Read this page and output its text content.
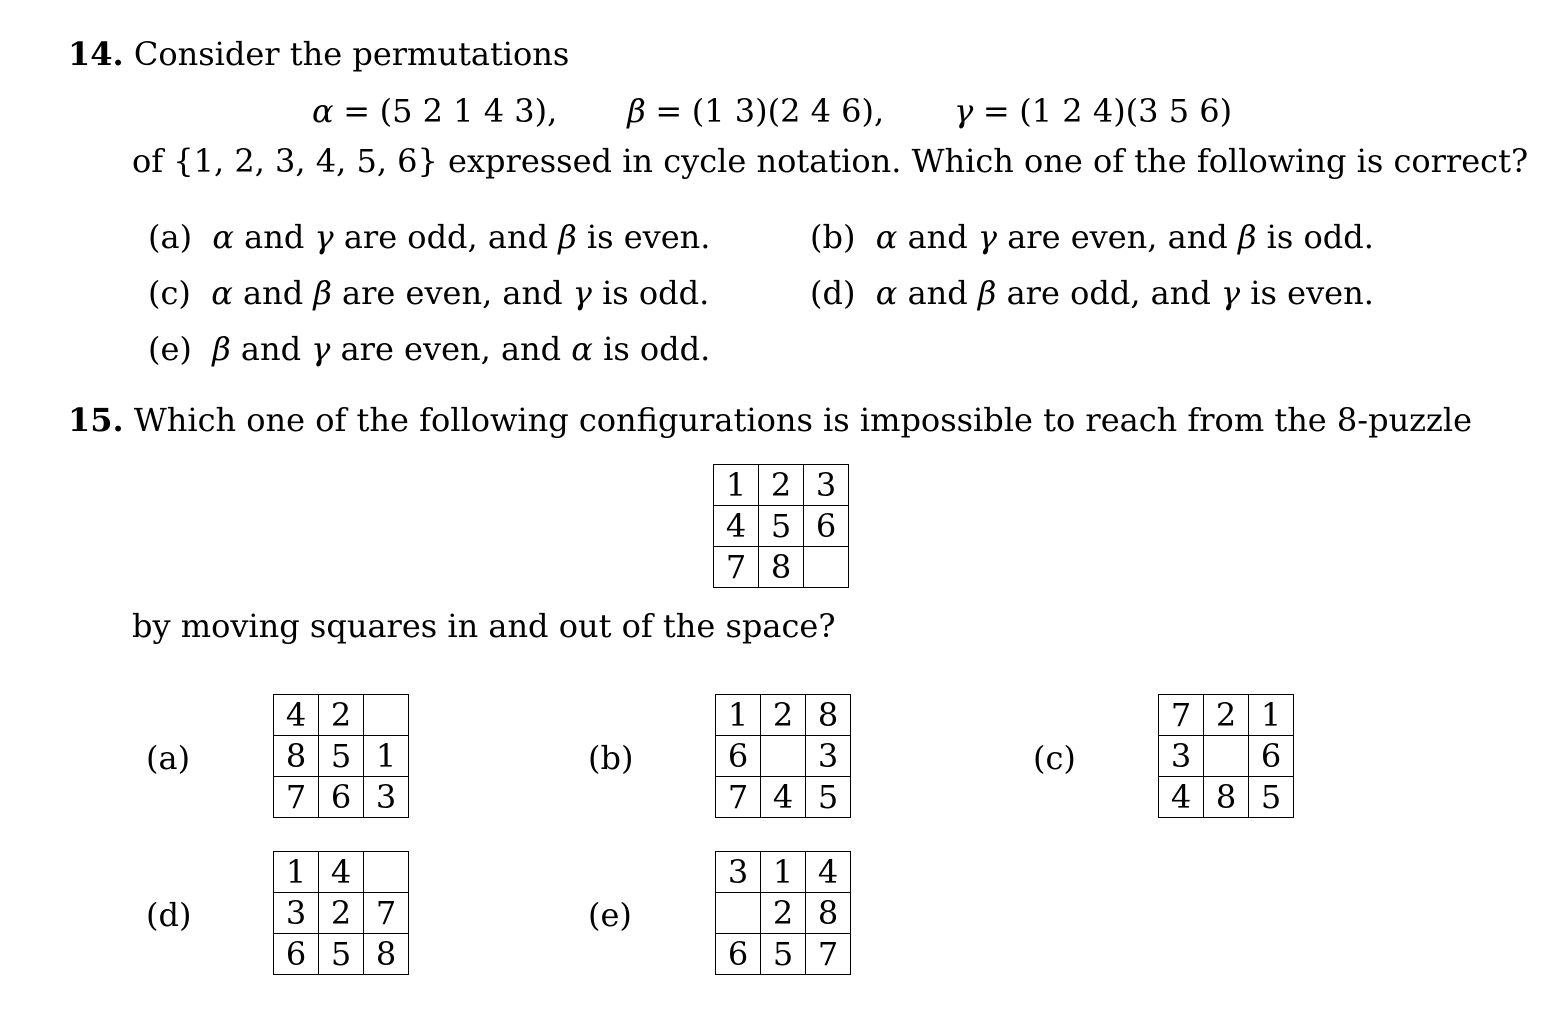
14. Consider the permutations
α = (5 2 1 4 3), β = (1 3)(2 4 6), γ = (1 2 4)(3 5 6)
of {1, 2, 3, 4, 5, 6} expressed in cycle notation. Which one of the following is correct?
(a) α and γ are odd, and β is even.	(b) α and γ are even, and β is odd.
(c) α and β are even, and γ is odd.	(d) α and β are odd, and γ is even.
(e) β and γ are even, and α is odd.
15. Which one of the following configurations is impossible to reach from the 8-puzzle
1	2	3
4	5	6
7	8	
by moving squares in and out of the space?
(a)	(b)	(c)
(d)	(e)
4	2	
8	5	1
7	6	3
1	2	8
6		3
7	4	5
7	2	1
3		6
4	8	5
1	4	
3	2	7
6	5	8
3	1	4
	2	8
6	5	7
